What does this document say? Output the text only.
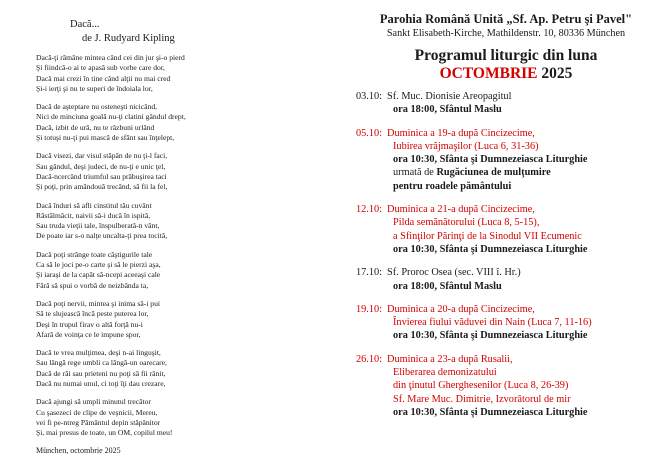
Dacă...
de J. Rudyard Kipling
Dacă-ţi rămâne mintea când cei din jur şi-o pierd
Şi fiindcă-o ai te apasă sub vorbe care dor,
Dacă mai crezi în tine când alţii nu mai cred
Şi-i ierţi şi nu te superi de îndoiala lor,
Dacă de aşteptare nu osteneşti nicicând,
Nici de minciuna goală nu-ţi clatini gândul drept,
Dacă, izbit de ură, nu te răzbuni urlând
Şi totuşi nu-ţi pui mască de sfânt sau înţelept,
Dacă visezi, dar visul stăpân de nu ţi-l faci,
Sau gândul, deşi judeci, de nu-ţi e unic ţel,
Dacă-ncercând triumful sau prăbuşirea taci
Şi poţi, prin amândouă trecând, să fii la fel,
Dacă înduri să afli cinstitul tău cuvânt
Răstălmăcit, naivii să-i ducă în ispită,
Sau truda vieţii tale, înspulberată-n vânt,
De poate iar s-o nalţe uncalta-ţi prea tocită,
Dacă poţi strânge toate câştigurile tale
Ca să le joci pe-o carte şi să le pierzi aşa,
Şi iaraşi de la capăt să-ncepi aceeaşi cale
Fără să spui o vorbă de neizbânda ta,
Dacă poţi nervii, mintea şi inima să-i pui
Să te slujească încă peste puterea lor,
Deşi în trupul firav o altă forţă nu-i
Afară de voinţa ce le impune spor,
Dacă te vrea mulţimea, deşi n-ai linguşit,
Sau lângă rege umbli ca lângă-un oarecare,
Dacă de răi sau prieteni nu poţi să fii rănit,
Dacă nu numai unul, ci toţi îţi dau crezare,
Dacă ajungi să umpli minutul trecător
Cu şasezeci de clipe de veşnicii, Mereu,
vei fi pe-ntreg Pământul depin stăpânitor
Şi, mai presus de toate, un OM, copilul meu!
München, octombrie 2025
Parohia Română Unită „Sf. Ap. Petru şi Pavel"
Sankt Elisabeth-Kirche, Mathildenstr. 10, 80336 München
Programul liturgic din luna
OCTOMBRIE 2025
03.10: Sf. Muc. Dionisie Areopagitul
ora 18:00, Sfântul Maslu
05.10: Duminica a 19-a după Cincizecime,
Iubirea vrăjmaşilor (Luca 6, 31-36)
ora 10:30, Sfânta şi Dumnezeiasca Liturghie
urmată de Rugăciunea de mulţumire
pentru roadele pământului
12.10: Duminica a 21-a după Cincizecime,
Pilda semănătorului (Luca 8, 5-15),
a Sfinţilor Părinţi de la Sinodul VII Ecumenic
ora 10:30, Sfânta şi Dumnezeiasca Liturghie
17.10: Sf. Proroc Osea (sec. VIII î. Hr.)
ora 18:00, Sfântul Maslu
19.10: Duminica a 20-a după Cincizecime,
Învierea fiului văduvei din Nain (Luca 7, 11-16)
ora 10:30, Sfânta şi Dumnezeiasca Liturghie
26.10: Duminica a 23-a după Rusalii,
Eliberarea demonizatului
din ţinutul Gherghesenilor (Luca 8, 26-39)
Sf. Mare Muc. Dimitrie, Izvorâtorul de mir
ora 10:30, Sfânta şi Dumnezeiasca Liturghie
